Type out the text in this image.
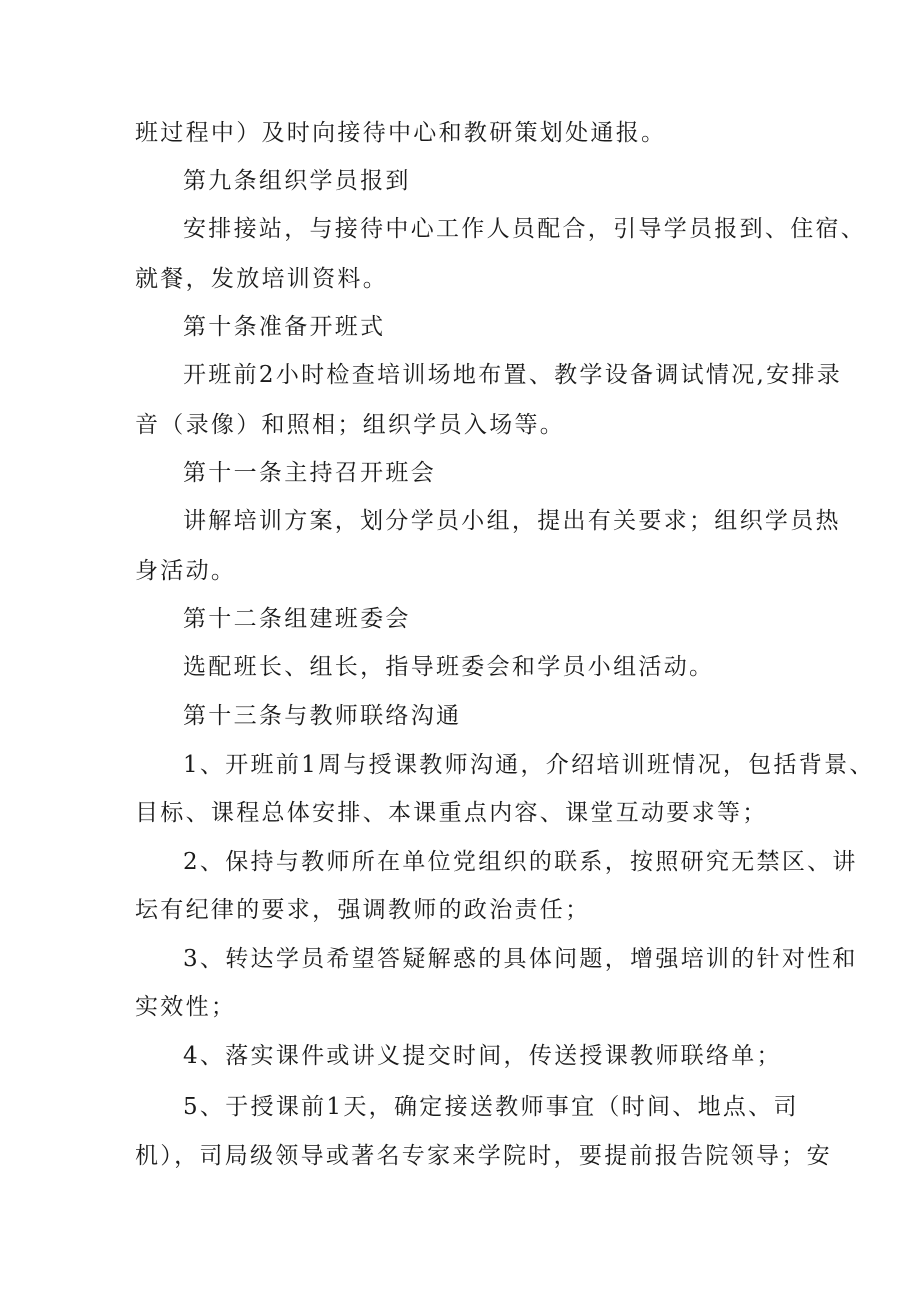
班过程中）及时向接待中心和教研策划处通报。
第九条组织学员报到
安排接站，与接待中心工作人员配合，引导学员报到、住宿、
就餐，发放培训资料。
第十条准备开班式
开班前2小时检查培训场地布置、教学设备调试情况,安排录
音（录像）和照相；组织学员入场等。
第十一条主持召开班会
讲解培训方案，划分学员小组，提出有关要求；组织学员热
身活动。
第十二条组建班委会
选配班长、组长，指导班委会和学员小组活动。
第十三条与教师联络沟通
1、开班前1周与授课教师沟通，介绍培训班情况，包括背景、
目标、课程总体安排、本课重点内容、课堂互动要求等；
2、保持与教师所在单位党组织的联系，按照研究无禁区、讲
坛有纪律的要求，强调教师的政治责任；
3、转达学员希望答疑解惑的具体问题，增强培训的针对性和
实效性；
4、落实课件或讲义提交时间，传送授课教师联络单；
5、于授课前1天，确定接送教师事宜（时间、地点、司
机），司局级领导或著名专家来学院时，要提前报告院领导；安
